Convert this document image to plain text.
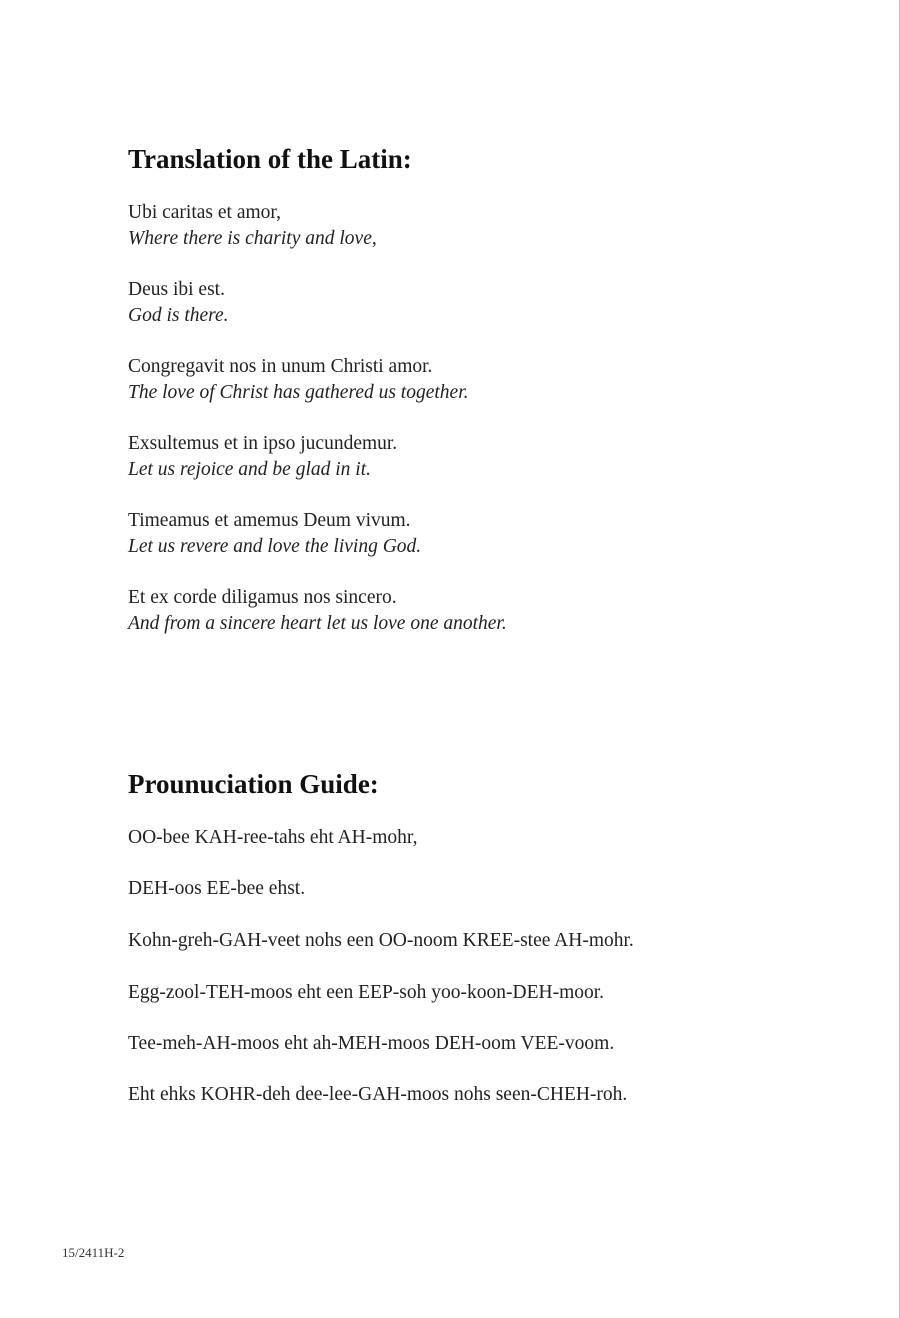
Translation of the Latin:

Ubi caritas et amor,

Where there is charity and love,

Deus ibi est.

God is there.

Congregavit nos in unum Christi amor.

The love of Christ has gathered us together.

Exsultemus et in ipso jucundemur.

Let us rejoice and be glad in it.

Timeamus et amemus Deum vivum.

Let us revere and love the living God.

Et ex corde diligamus nos sincero.

And from a sincere heart let us love one another.

Prounuciation Guide:

OO-bee KAH-ree-tahs eht AH-mohr,

DEH-oos EE-bee ehst.

Kohn-greh-GAH-veet nohs een OO-noom KREE-stee AH-mohr.

Egg-zool-TEH-moos eht een EEP-soh yoo-koon-DEH-moor.

Tee-meh-AH-moos eht ah-MEH-moos DEH-oom VEE-voom.

Eht ehks KOHR-deh dee-lee-GAH-moos nohs seen-CHEH-roh.

15/2411H-2
